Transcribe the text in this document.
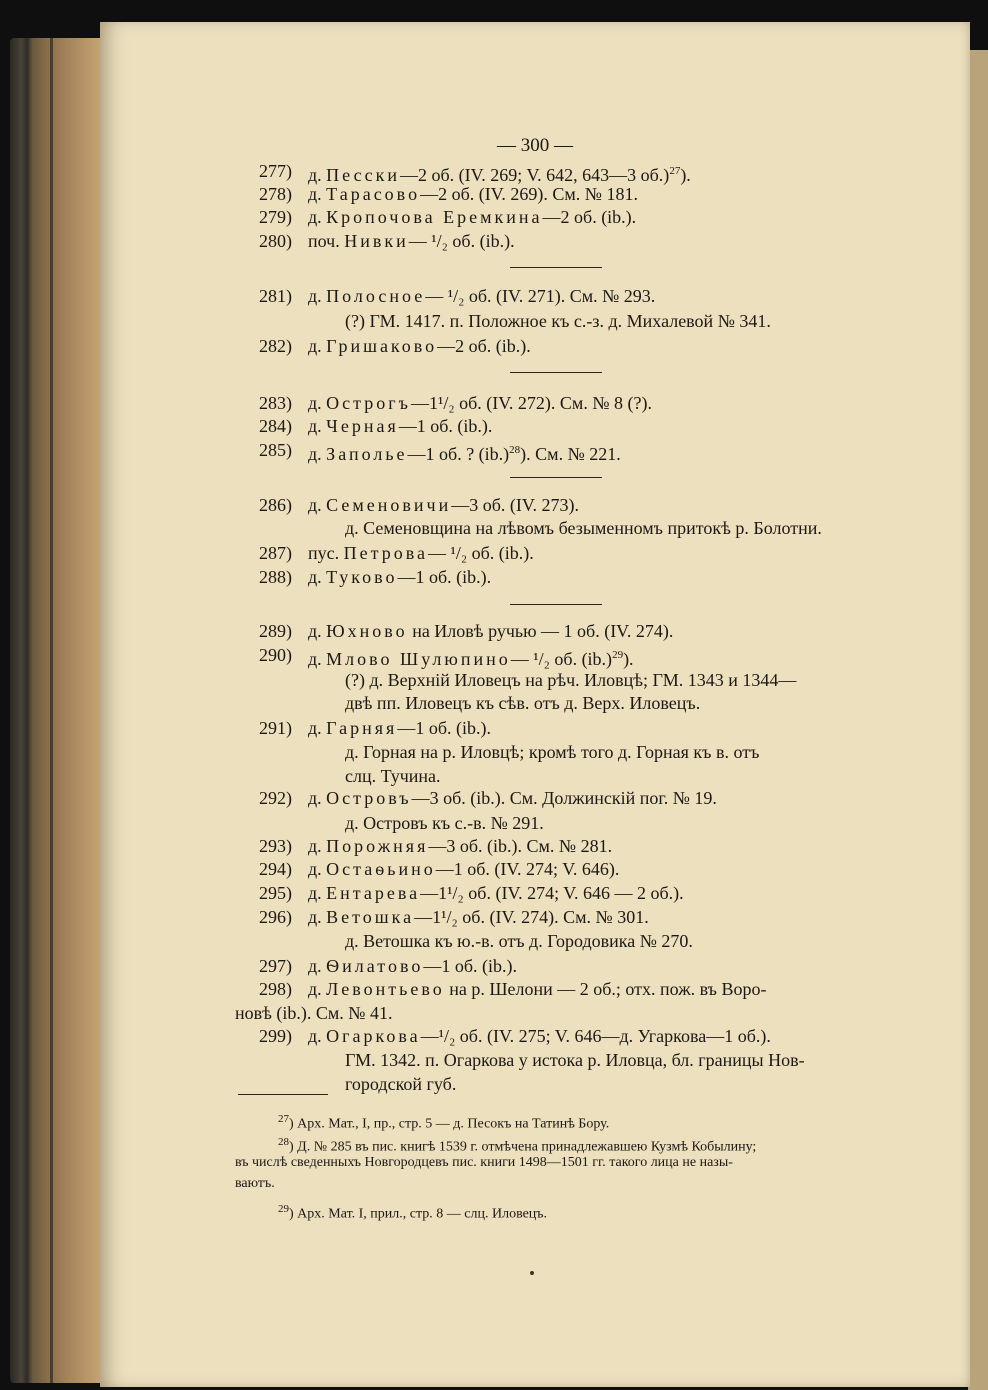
— 300 —
277) д. Песски—2 об. (IV. 269; V. 642, 643—3 об.)$^{27}$).
278) д. Тарасово—2 об. (IV. 269). См. № 181.
279) д. Кропочова Еремкина—2 об. (ib.).
280) поч. Нивки— ¹/₂ об. (ib.).
281) д. Полосное— ¹/₂ об. (IV. 271). См. № 293.
(?) ГМ. 1417. п. Положное къ с.-з. д. Михалевой № 341.
282) д. Гришаково—2 об. (ib.).
283) д. Острогъ—1¹/₂ об. (IV. 272). См. № 8 (?).
284) д. Черная—1 об. (ib.).
285) д. Заполье—1 об. ? $(ib.)^{28}$). См. № 221.
286) д. Семеновичи—3 об. (IV. 273).
д. Семеновщина на лѣвомъ безыменномъ притокѣ р. Болотни.
287) пус. Петрова— ¹/₂ об. (ib.).
288) д. Туково—1 об. (ib.).
289) д. Юхново на Иловѣ ручью — 1 об. (IV. 274).
290) д. Млово Шулюпино— ¹/₂ об. $(ib.)^{29}$).
(?) д. Верхній Иловецъ на рѣч. Иловцѣ; ГМ. 1343 и 1344—
двѣ пп. Иловецъ къ сѣв. отъ д. Верх. Иловецъ.
291) д. Гарняя—1 об. (ib.).
д. Горная на р. Иловцѣ; кромѣ того д. Горная къ в. отъ
слц. Тучина.
292) д. Островъ—3 об. (ib.). См. Должинскій пог. № 19.
д. Островъ къ с.-в. № 291.
293) д. Порожняя—3 об. (ib.). См. № 281.
294) д. Остаѳьино—1 об. (IV. 274; V. 646).
295) д. Ентарева—1¹/₂ об. (IV. 274; V. 646 — 2 об.).
296) д. Ветошка—1¹/₂ об. (IV. 274). См. № 301.
д. Ветошка къ ю.-в. отъ д. Городовика № 270.
297) д. Ѳилатово—1 об. (ib.).
298) д. Левонтьево на р. Шелони — 2 об.; отх. пож. въ Воро-
новѣ (ib.). См. № 41.
299) д. Огаркова—¹/₂ об. (IV. 275; V. 646—д. Угаркова—1 об.).
ГМ. 1342. п. Огаркова у истока р. Иловца, бл. границы Нов-
городской губ.
$^{27}$) Арх. Мат., I, пр., стр. 5 — д. Песокъ на Татинѣ Бору.
$^{28}$) Д. № 285 въ пис. книгѣ 1539 г. отмѣчена принадлежавшею Кузмѣ Кобылину;
въ числѣ сведенныхъ Новгородцевъ пис. книги 1498—1501 гг. такого лица не назы-
ваютъ.
$^{29}$) Арх. Мат. I, прил., стр. 8 — слц. Иловецъ.
